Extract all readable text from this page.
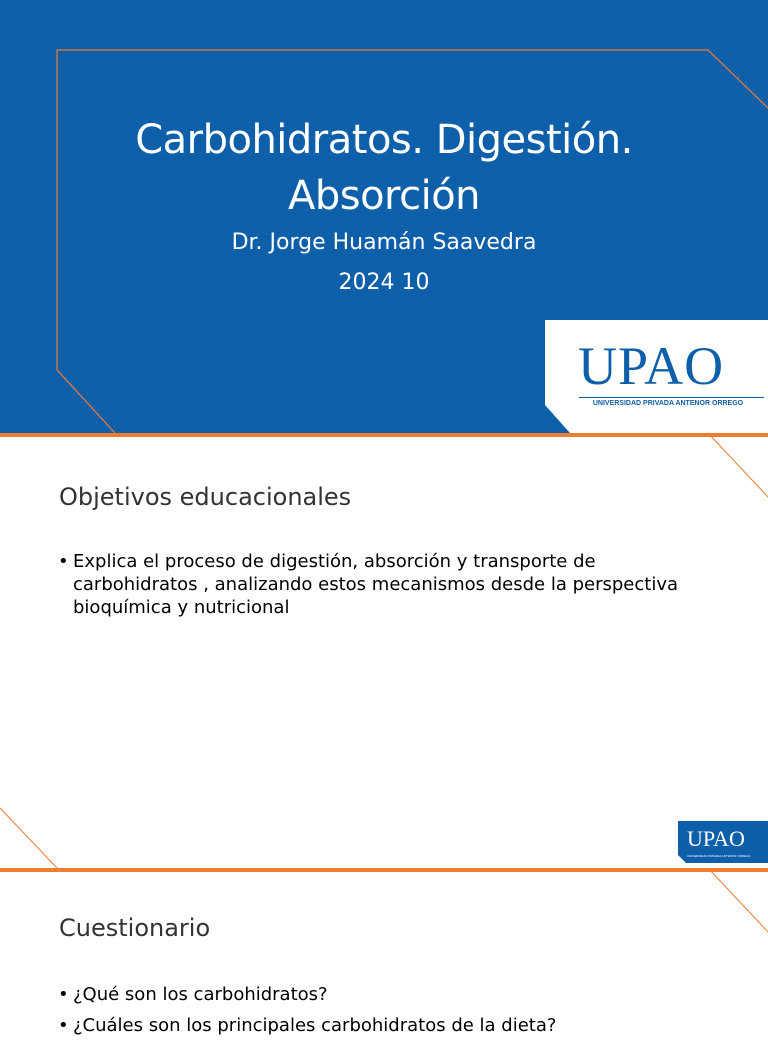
Carbohidratos. Digestión.
Absorción
Dr. Jorge Huamán Saavedra
2024 10
UPAO
UNIVERSIDAD PRIVADA ANTENOR ORREGO
Objetivos educacionales
• Explica el proceso de digestión, absorción y transporte de carbohidratos , analizando estos mecanismos desde la perspectiva bioquímica y nutricional
UPAO
UNIVERSIDAD PRIVADA ANTENOR ORREGO
Cuestionario
• ¿Qué son los carbohidratos?
• ¿Cuáles son los principales carbohidratos de la dieta?
